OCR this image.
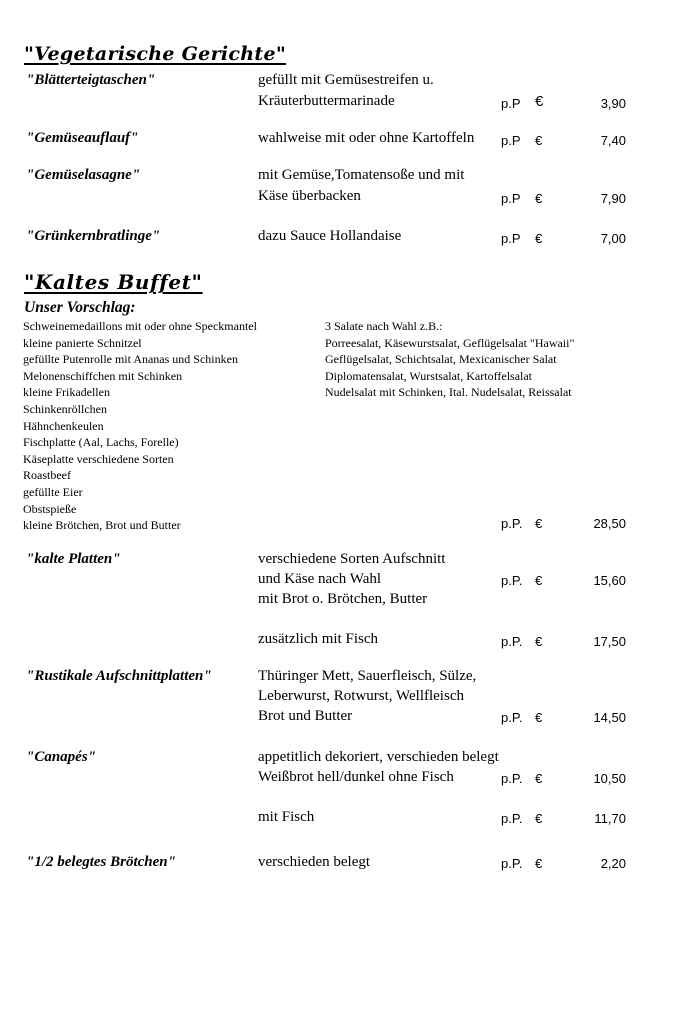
"Vegetarische Gerichte"
"Blätterteigtaschen"	gefüllt mit Gemüsestreifen u.
Kräuterbuttermarinade	p.P €	3,90
"Gemüseauflauf"	wahlweise mit oder ohne Kartoffeln p.P €	7,40
"Gemüselasagne"	mit Gemüse,Tomatensoße und mit
Käse überbacken	p.P €	7,90
"Grünkernbratlinge"	dazu Sauce Hollandaise	p.P €	7,00
"Kaltes Buffet"
Unser Vorschlag:
Schweinemedaillons mit oder ohne Speckmantel
kleine panierte Schnitzel
gefüllte Putenrolle mit Ananas und Schinken
Melonenschiffchen mit Schinken
kleine Frikadellen
Schinkenröllchen
Hähnchenkeulen
Fischplatte (Aal, Lachs, Forelle)
Käseplatte verschiedene Sorten
Roastbeef
gefüllte Eier
Obstspieße
kleine Brötchen, Brot und Butter
3 Salate nach Wahl z.B.:
Porreesalat, Käsewurstsalat, Geflügelsalat "Hawaii"
Geflügelsalat, Schichtsalat, Mexicanischer Salat
Diplomatensalat, Wurstsalat, Kartoffelsalat
Nudelsalat mit Schinken, Ital. Nudelsalat, Reissalat
p.P. €	28,50
"kalte Platten"	verschiedene Sorten Aufschnitt
und Käse nach Wahl
mit Brot o. Brötchen, Butter
p.P. €	15,60
zusätzlich mit Fisch	p.P. €	17,50
"Rustikale Aufschnittplatten"	Thüringer Mett, Sauerfleisch, Sülze,
Leberwurst, Rotwurst, Wellfleisch
Brot und Butter	p.P. €	14,50
"Canapés"	appetitlich dekoriert, verschieden belegt
Weißbrot hell/dunkel ohne Fisch	p.P. €	10,50
mit Fisch	p.P. €	11,70
"1/2 belegtes Brötchen"	verschieden belegt	p.P. €	2,20
